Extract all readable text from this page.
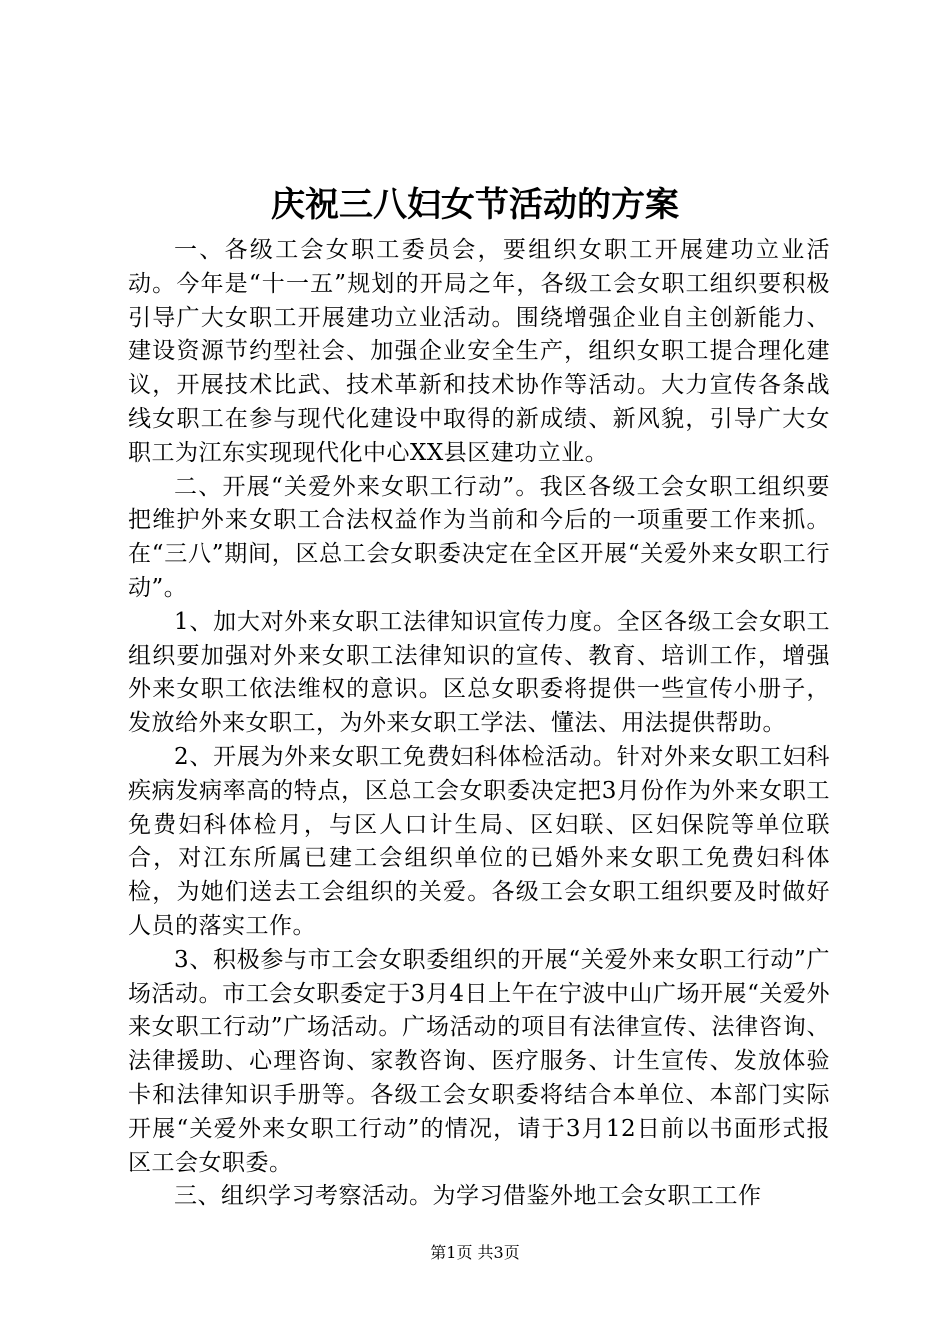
庆祝三八妇女节活动的方案

一、各级工会女职工委员会，要组织女职工开展建功立业活动。今年是“十一五”规划的开局之年，各级工会女职工组织要积极引导广大女职工开展建功立业活动。围绕增强企业自主创新能力、建设资源节约型社会、加强企业安全生产，组织女职工提合理化建议，开展技术比武、技术革新和技术协作等活动。大力宣传各条战线女职工在参与现代化建设中取得的新成绩、新风貌，引导广大女职工为江东实现现代化中心XX县区建功立业。

二、开展“关爱外来女职工行动”。我区各级工会女职工组织要把维护外来女职工合法权益作为当前和今后的一项重要工作来抓。在“三八”期间，区总工会女职委决定在全区开展“关爱外来女职工行动”。

1、加大对外来女职工法律知识宣传力度。全区各级工会女职工组织要加强对外来女职工法律知识的宣传、教育、培训工作，增强外来女职工依法维权的意识。区总女职委将提供一些宣传小册子，发放给外来女职工，为外来女职工学法、懂法、用法提供帮助。

2、开展为外来女职工免费妇科体检活动。针对外来女职工妇科疾病发病率高的特点，区总工会女职委决定把3月份作为外来女职工免费妇科体检月，与区人口计生局、区妇联、区妇保院等单位联合，对江东所属已建工会组织单位的已婚外来女职工免费妇科体检，为她们送去工会组织的关爱。各级工会女职工组织要及时做好人员的落实工作。

3、积极参与市工会女职委组织的开展“关爱外来女职工行动”广场活动。市工会女职委定于3月4日上午在宁波中山广场开展“关爱外来女职工行动”广场活动。广场活动的项目有法律宣传、法律咨询、法律援助、心理咨询、家教咨询、医疗服务、计生宣传、发放体验卡和法律知识手册等。各级工会女职委将结合本单位、本部门实际开展“关爱外来女职工行动”的情况，请于3月12日前以书面形式报区工会女职委。

三、组织学习考察活动。为学习借鉴外地工会女职工工作

第1页 共3页
